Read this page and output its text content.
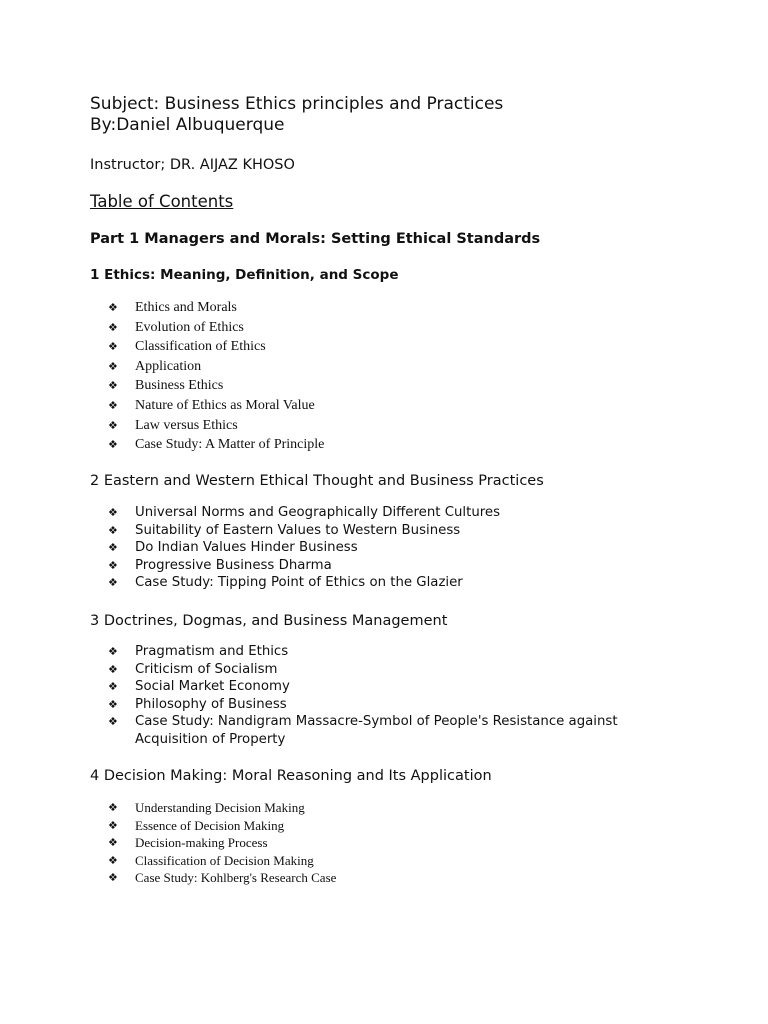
Subject: Business Ethics principles and Practices
By:Daniel Albuquerque
Instructor; DR. AIJAZ KHOSO
Table of Contents
Part 1 Managers and Morals: Setting Ethical Standards
1 Ethics: Meaning, Definition, and Scope
❖ Ethics and Morals
❖ Evolution of Ethics
❖ Classification of Ethics
❖ Application
❖ Business Ethics
❖ Nature of Ethics as Moral Value
❖ Law versus Ethics
❖ Case Study: A Matter of Principle
2 Eastern and Western Ethical Thought and Business Practices
❖ Universal Norms and Geographically Different Cultures
❖ Suitability of Eastern Values to Western Business
❖ Do Indian Values Hinder Business
❖ Progressive Business Dharma
❖ Case Study: Tipping Point of Ethics on the Glazier
3 Doctrines, Dogmas, and Business Management
❖ Pragmatism and Ethics
❖ Criticism of Socialism
❖ Social Market Economy
❖ Philosophy of Business
❖ Case Study: Nandigram Massacre-Symbol of People's Resistance against
Acquisition of Property
4 Decision Making: Moral Reasoning and Its Application
❖ Understanding Decision Making
❖ Essence of Decision Making
❖ Decision-making Process
❖ Classification of Decision Making
❖ Case Study: Kohlberg's Research Case
